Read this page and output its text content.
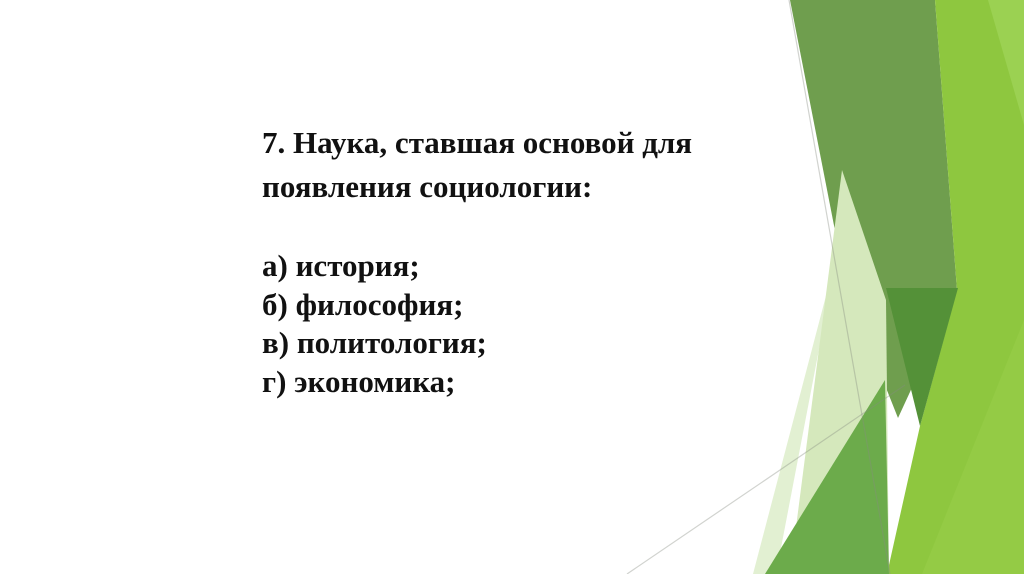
7. Наука, ставшая основой для
появления социологии:
а) история;
б) философия;
в) политология;
г) экономика;
